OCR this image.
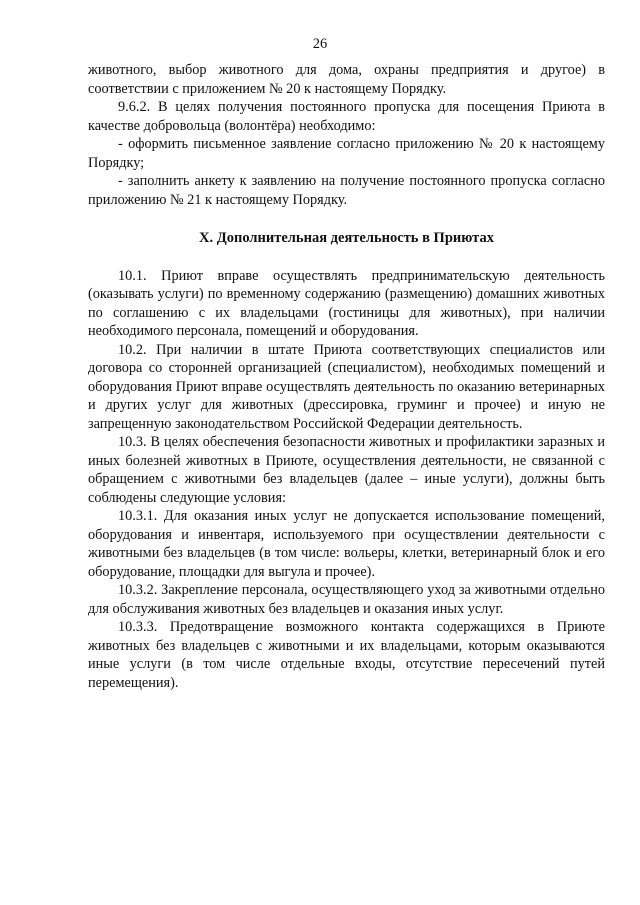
26

животного, выбор животного для дома, охраны предприятия и другое) в соответствии с приложением № 20 к настоящему Порядку.

9.6.2. В целях получения постоянного пропуска для посещения Приюта в качестве добровольца (волонтёра) необходимо:

- оформить письменное заявление согласно приложению № 20 к настоящему Порядку;

- заполнить анкету к заявлению на получение постоянного пропуска согласно приложению № 21 к настоящему Порядку.

X. Дополнительная деятельность в Приютах

10.1. Приют вправе осуществлять предпринимательскую деятельность (оказывать услуги) по временному содержанию (размещению) домашних животных по соглашению с их владельцами (гостиницы для животных), при наличии необходимого персонала, помещений и оборудования.

10.2. При наличии в штате Приюта соответствующих специалистов или договора со сторонней организацией (специалистом), необходимых помещений и оборудования Приют вправе осуществлять деятельность по оказанию ветеринарных и других услуг для животных (дрессировка, груминг и прочее) и иную не запрещенную законодательством Российской Федерации деятельность.

10.3. В целях обеспечения безопасности животных и профилактики заразных и иных болезней животных в Приюте, осуществления деятельности, не связанной с обращением с животными без владельцев (далее – иные услуги), должны быть соблюдены следующие условия:

10.3.1. Для оказания иных услуг не допускается использование помещений, оборудования и инвентаря, используемого при осуществлении деятельности с животными без владельцев (в том числе: вольеры, клетки, ветеринарный блок и его оборудование, площадки для выгула и прочее).

10.3.2. Закрепление персонала, осуществляющего уход за животными отдельно для обслуживания животных без владельцев и оказания иных услуг.

10.3.3. Предотвращение возможного контакта содержащихся в Приюте животных без владельцев с животными и их владельцами, которым оказываются иные услуги (в том числе отдельные входы, отсутствие пересечений путей перемещения).
